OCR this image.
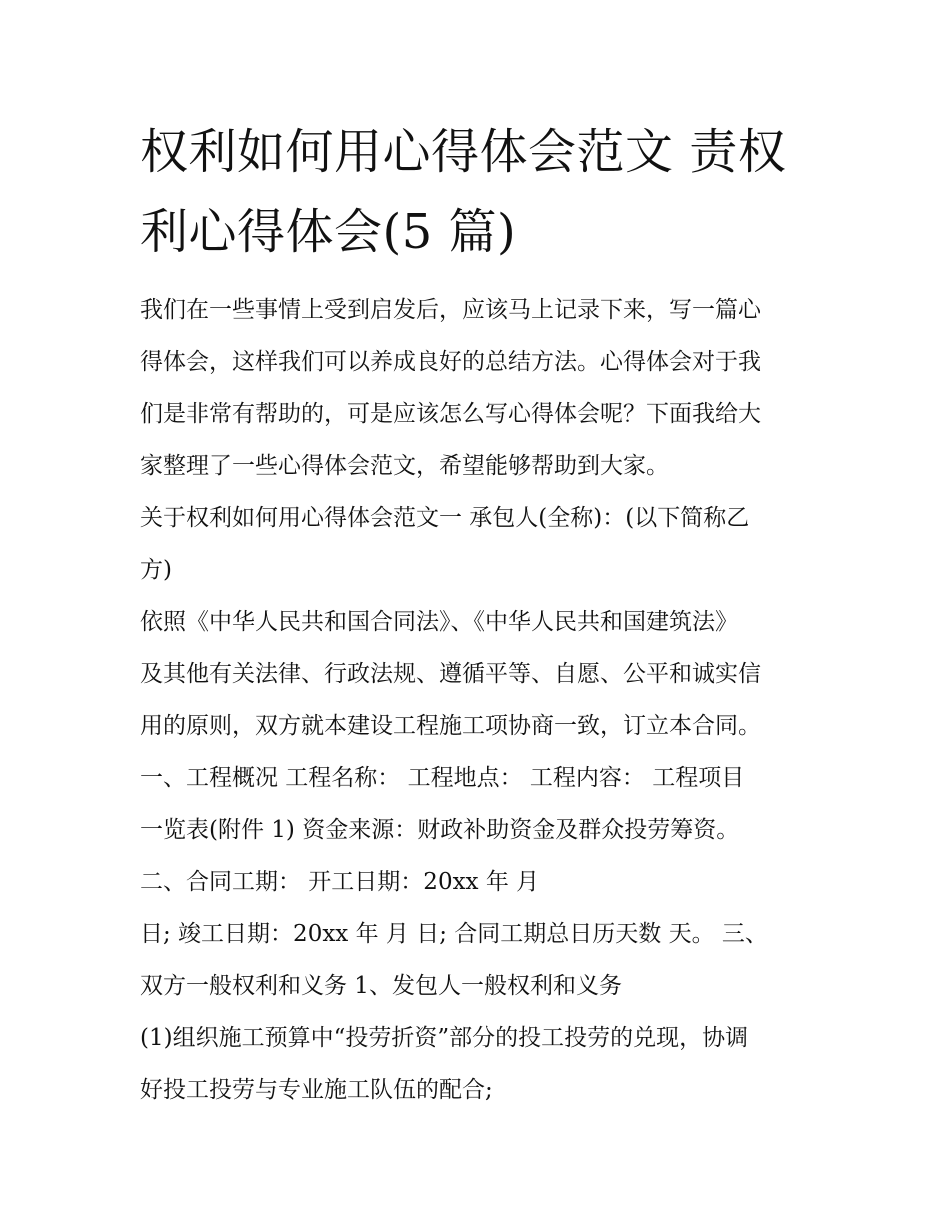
权利如何用心得体会范文 责权
利心得体会(5 篇)

我们在一些事情上受到启发后，应该马上记录下来，写一篇心
得体会，这样我们可以养成良好的总结方法。心得体会对于我
们是非常有帮助的，可是应该怎么写心得体会呢？下面我给大
家整理了一些心得体会范文，希望能够帮助到大家。

关于权利如何用心得体会范文一 承包人(全称)：(以下简称乙
方)

依照《中华人民共和国合同法》、《中华人民共和国建筑法》
及其他有关法律、行政法规、遵循平等、自愿、公平和诚实信
用的原则，双方就本建设工程施工项协商一致，订立本合同。
一、工程概况 工程名称： 工程地点： 工程内容： 工程项目
一览表(附件 1) 资金来源：财政补助资金及群众投劳筹资。
二、合同工期： 开工日期：20xx 年 月
日; 竣工日期：20xx 年 月 日; 合同工期总日历天数 天。 三、
双方一般权利和义务 1、发包人一般权利和义务

(1)组织施工预算中“投劳折资”部分的投工投劳的兑现，协调
好投工投劳与专业施工队伍的配合;
